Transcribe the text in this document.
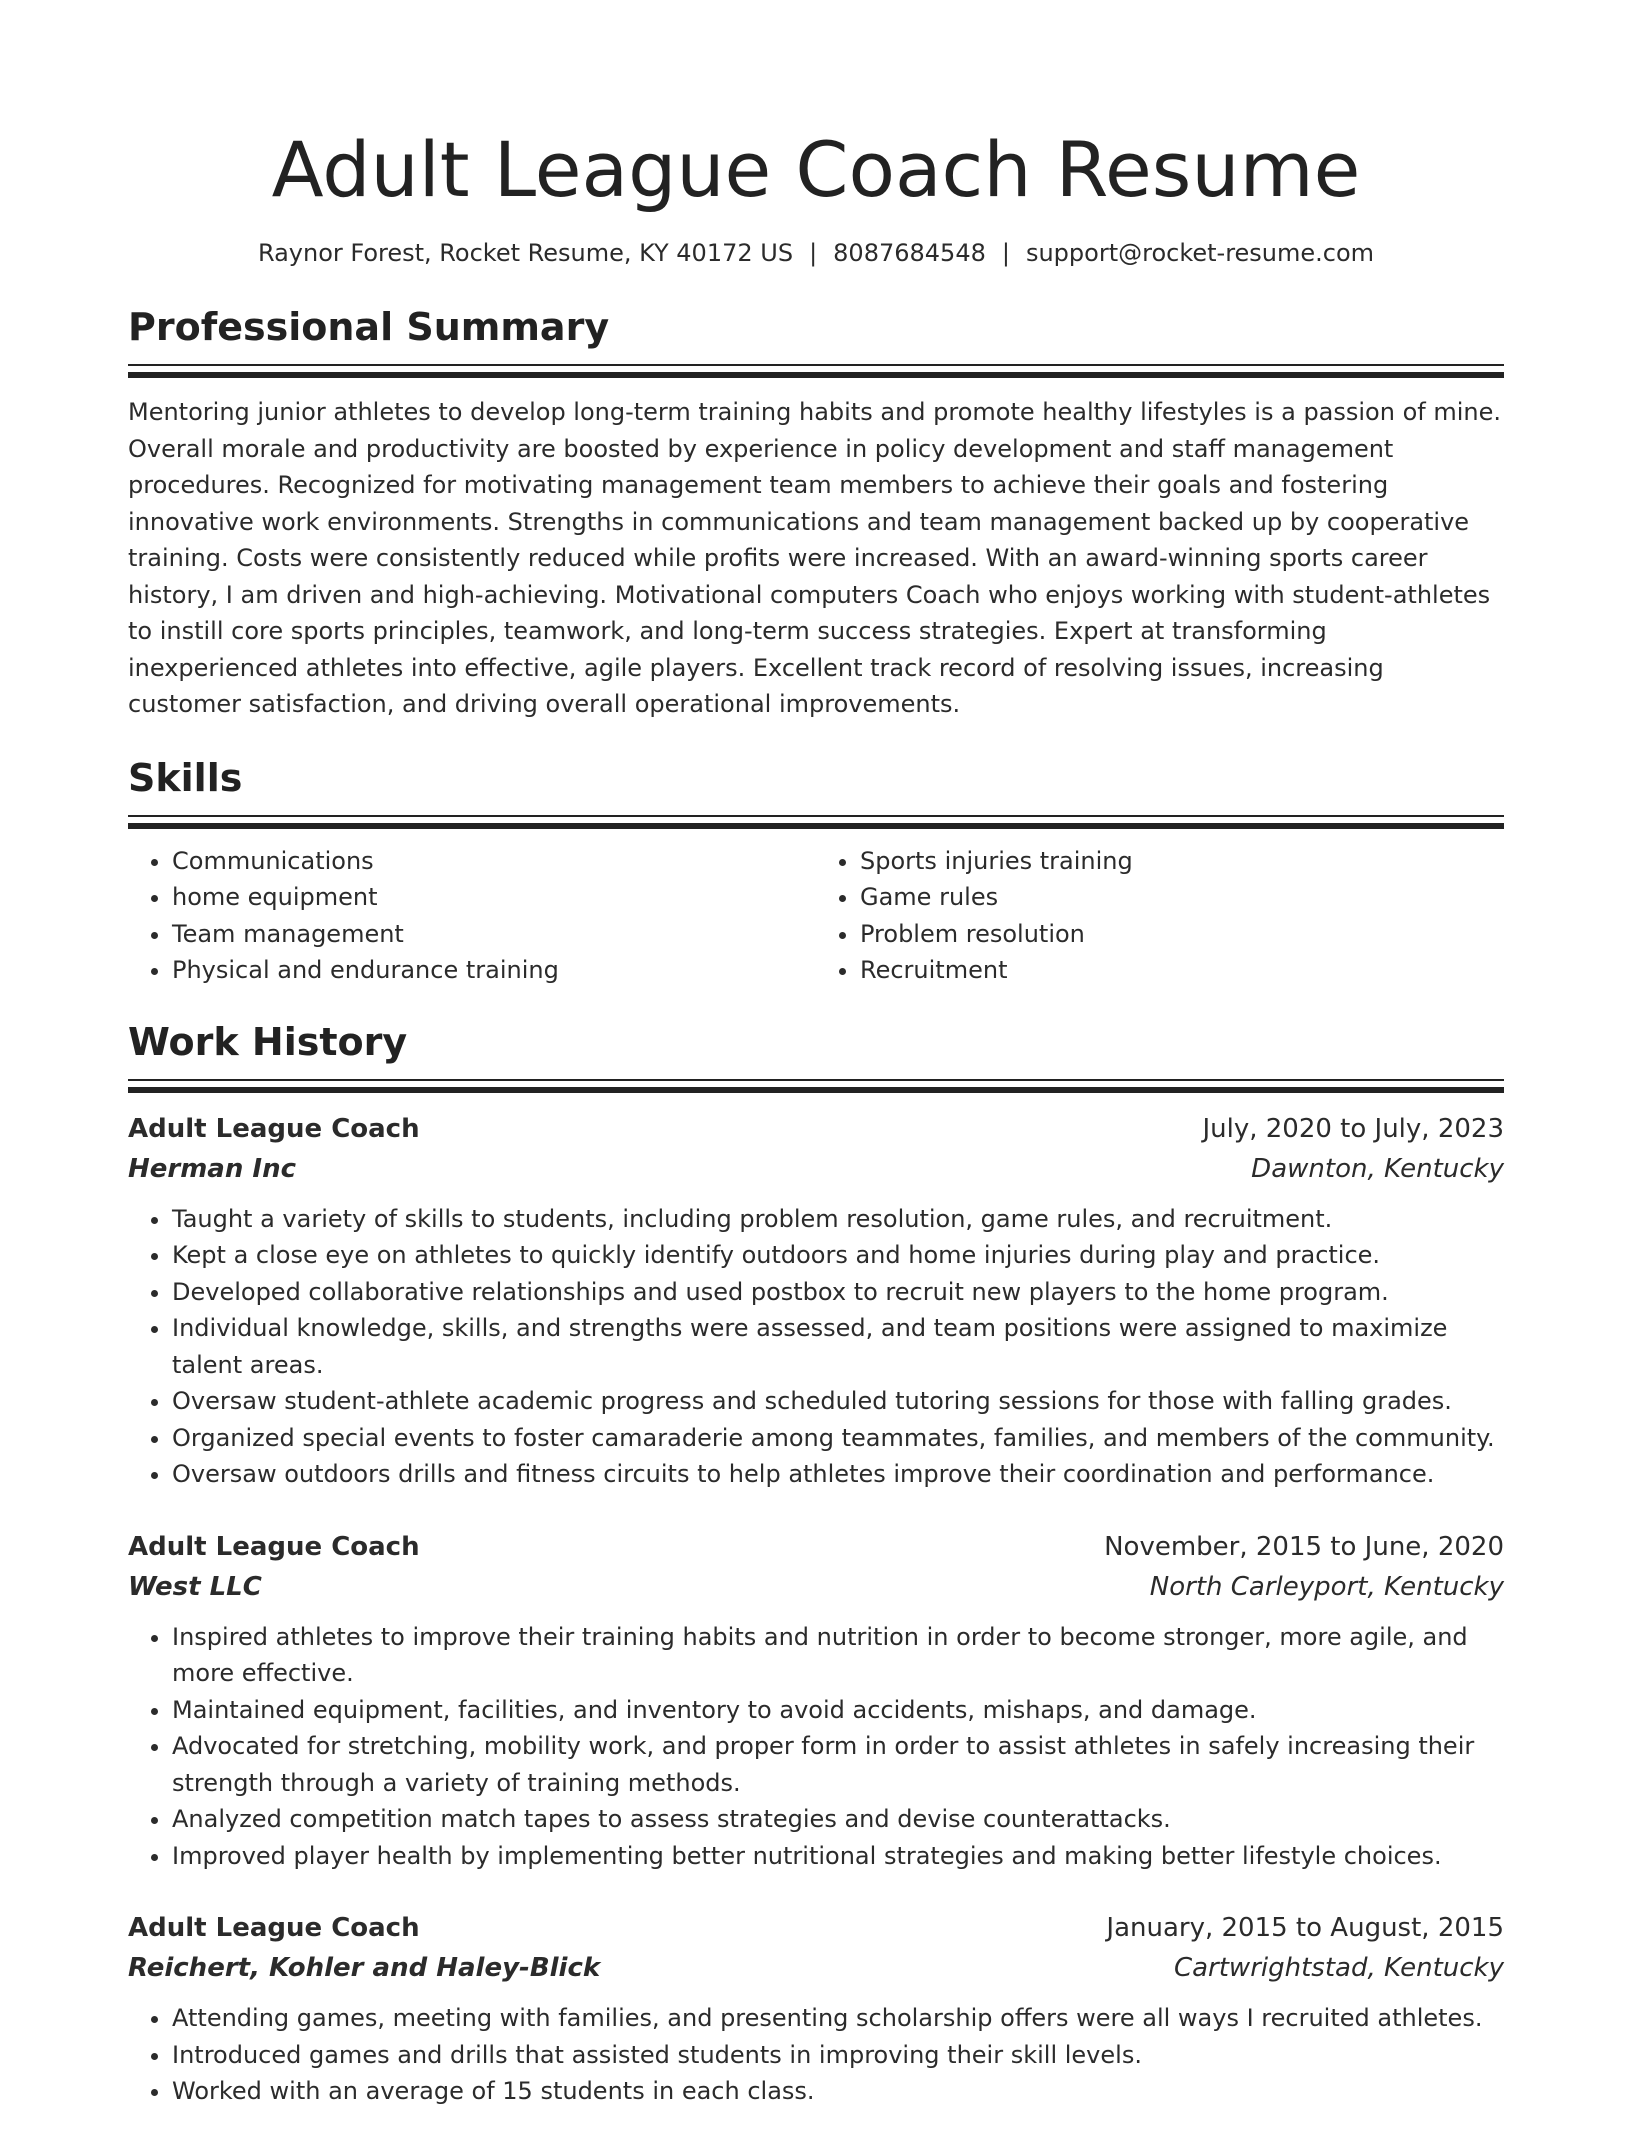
Adult League Coach Resume
Raynor Forest, Rocket Resume, KY 40172 US | 8087684548 | support@rocket-resume.com
Professional Summary

Mentoring junior athletes to develop long-term training habits and promote healthy lifestyles is a passion of mine. Overall morale and productivity are boosted by experience in policy development and staff management procedures. Recognized for motivating management team members to achieve their goals and fostering innovative work environments. Strengths in communications and team management backed up by cooperative training. Costs were consistently reduced while profits were increased. With an award-winning sports career history, I am driven and high-achieving. Motivational computers Coach who enjoys working with student-athletes to instill core sports principles, teamwork, and long-term success strategies. Expert at transforming inexperienced athletes into effective, agile players. Excellent track record of resolving issues, increasing customer satisfaction, and driving overall operational improvements.

Skills
• Communications
• home equipment
• Team management
• Physical and endurance training
• Sports injuries training
• Game rules
• Problem resolution
• Recruitment
Work History
Adult League Coach	July, 2020 to July, 2023
Herman Inc	Dawnton, Kentucky
• Taught a variety of skills to students, including problem resolution, game rules, and recruitment.
• Kept a close eye on athletes to quickly identify outdoors and home injuries during play and practice.
• Developed collaborative relationships and used postbox to recruit new players to the home program.
• Individual knowledge, skills, and strengths were assessed, and team positions were assigned to maximize talent areas.
• Oversaw student-athlete academic progress and scheduled tutoring sessions for those with falling grades.
• Organized special events to foster camaraderie among teammates, families, and members of the community.
• Oversaw outdoors drills and fitness circuits to help athletes improve their coordination and performance.
Adult League Coach	November, 2015 to June, 2020
West LLC	North Carleyport, Kentucky
• Inspired athletes to improve their training habits and nutrition in order to become stronger, more agile, and more effective.
• Maintained equipment, facilities, and inventory to avoid accidents, mishaps, and damage.
• Advocated for stretching, mobility work, and proper form in order to assist athletes in safely increasing their strength through a variety of training methods.
• Analyzed competition match tapes to assess strategies and devise counterattacks.
• Improved player health by implementing better nutritional strategies and making better lifestyle choices.
Adult League Coach	January, 2015 to August, 2015
Reichert, Kohler and Haley-Blick	Cartwrightstad, Kentucky
• Attending games, meeting with families, and presenting scholarship offers were all ways I recruited athletes.
• Introduced games and drills that assisted students in improving their skill levels.
• Worked with an average of 15 students in each class.
